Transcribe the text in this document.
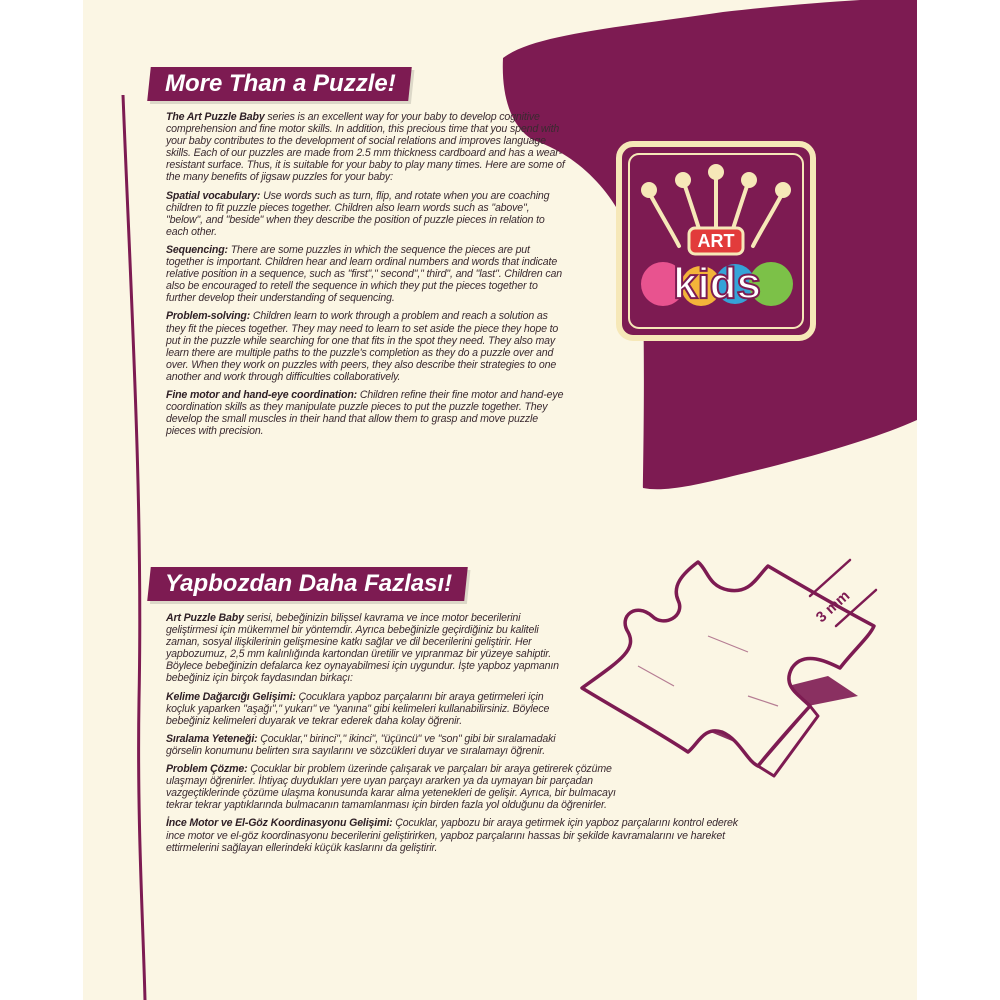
ART
kids
More Than a Puzzle!

The Art Puzzle Baby series is an excellent way for your baby to develop cognitive comprehension and fine motor skills. In addition, this precious time that you spend with your baby contributes to the development of social relations and improves language skills. Each of our puzzles are made from 2.5 mm thickness cardboard and has a wear-resistant surface. Thus, it is suitable for your baby to play many times. Here are some of the many benefits of jigsaw puzzles for your baby:

Spatial vocabulary: Use words such as turn, flip, and rotate when you are coaching children to fit puzzle pieces together. Children also learn words such as "above", "below", and "beside" when they describe the position of puzzle pieces in relation to each other.

Sequencing: There are some puzzles in which the sequence the pieces are put together is important. Children hear and learn ordinal numbers and words that indicate relative position in a sequence, such as "first"," second"," third", and "last". Children can also be encouraged to retell the sequence in which they put the pieces together to further develop their understanding of sequencing.

Problem-solving: Children learn to work through a problem and reach a solution as they fit the pieces together. They may need to learn to set aside the piece they hope to put in the puzzle while searching for one that fits in the spot they need. They also may learn there are multiple paths to the puzzle's completion as they do a puzzle over and over. When they work on puzzles with peers, they also describe their strategies to one another and work through difficulties collaboratively.

Fine motor and hand-eye coordination: Children refine their fine motor and hand-eye coordination skills as they manipulate puzzle pieces to put the puzzle together. They develop the small muscles in their hand that allow them to grasp and move puzzle pieces with precision.

Yapbozdan Daha Fazlası!

Art Puzzle Baby serisi, bebeğinizin bilişsel kavrama ve ince motor becerilerini geliştirmesi için mükemmel bir yöntemdir. Ayrıca bebeğinizle geçirdiğiniz bu kaliteli zaman, sosyal ilişkilerinin gelişmesine katkı sağlar ve dil becerilerini geliştirir. Her yapbozumuz, 2,5 mm kalınlığında kartondan üretilir ve yıpranmaz bir yüzeye sahiptir. Böylece bebeğinizin defalarca kez oynayabilmesi için uygundur. İşte yapboz yapmanın bebeğiniz için birçok faydasından birkaçı:

Kelime Dağarcığı Gelişimi: Çocuklara yapboz parçalarını bir araya getirmeleri için koçluk yaparken "aşağı"," yukarı" ve "yanına" gibi kelimeleri kullanabilirsiniz. Böylece bebeğiniz kelimeleri duyarak ve tekrar ederek daha kolay öğrenir.

Sıralama Yeteneği: Çocuklar," birinci"," ikinci", "üçüncü" ve "son" gibi bir sıralamadaki görselin konumunu belirten sıra sayılarını ve sözcükleri duyar ve sıralamayı öğrenir.

Problem Çözme: Çocuklar bir problem üzerinde çalışarak ve parçaları bir araya getirerek çözüme ulaşmayı öğrenirler. İhtiyaç duydukları yere uyan parçayı ararken ya da uymayan bir parçadan vazgeçtiklerinde çözüme ulaşma konusunda karar alma yetenekleri de gelişir. Ayrıca, bir bulmacayı tekrar tekrar yaptıklarında bulmacanın tamamlanması için birden fazla yol olduğunu da öğrenirler.

İnce Motor ve El-Göz Koordinasyonu Gelişimi: Çocuklar, yapbozu bir araya getirmek için yapboz parçalarını kontrol ederek ince motor ve el-göz koordinasyonu becerilerini geliştirirken, yapboz parçalarını hassas bir şekilde kavramalarını ve hareket ettirmelerini sağlayan ellerindeki küçük kaslarını da geliştirir.

3 mm
